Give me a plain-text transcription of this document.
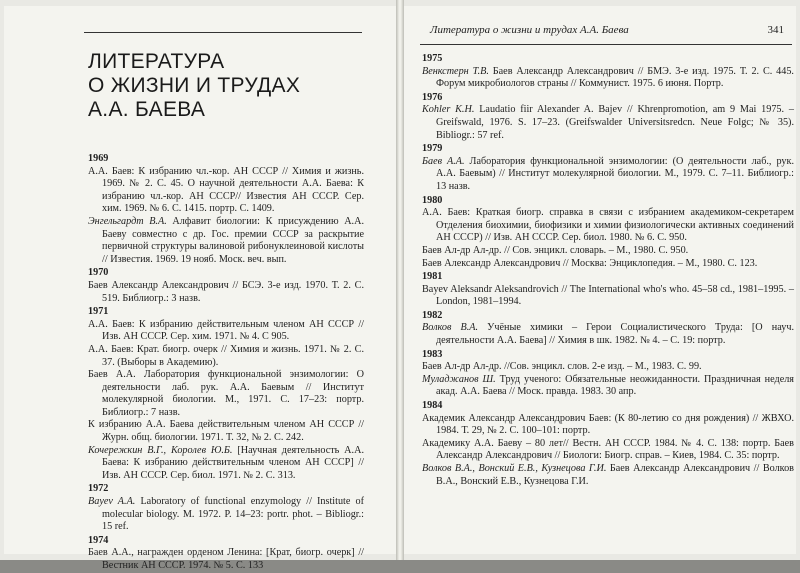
ЛИТЕРАТУРА
О ЖИЗНИ И ТРУДАХ
А.А. БАЕВА
1969
А.А. Баев: К избранию чл.-кор. АН СССР // Химия и жизнь. 1969. № 2. С. 45. О научной деятельности А.А. Баева: К избранию чл.-кор. АН СССР// Известия АН СССР. Сер. хим. 1969. № 6. С. 1415. портр. С. 1409.
Энгельгардт В.А. Алфавит биологии: К присуждению А.А. Баеву совместно с др. Гос. премии СССР за раскрытие первичной структуры валиновой рибонуклеиновой кислоты // Известия. 1969. 19 нояб. Моск. веч. вып.
1970
Баев Александр Александрович // БСЭ. 3-е изд. 1970. Т. 2. С. 519. Библиогр.: 3 назв.
1971
А.А. Баев: К избранию действительным членом АН СССР // Изв. АН СССР. Сер. хим. 1971. № 4. С 905.
А.А. Баев: Крат. биогр. очерк // Химия и жизнь. 1971. № 2. С. 37. (Выборы в Академию).
Баев А.А. Лаборатория функциональной энзимологии: О деятельности лаб. рук. А.А. Баевым // Институт молекулярной биологии. М., 1971. С. 17–23: портр. Библиогр.: 7 назв.
К избранию А.А. Баева действительным членом АН СССР // Журн. общ. биологии. 1971. Т. 32, № 2. С. 242.
Кочережкин В.Г., Королев Ю.Б. [Научная деятельность А.А. Баева: К избранию действительным членом АН СССР] // Изв. АН СССР. Сер. биол. 1971. № 2. С. 313.
1972
Bayev A.A. Laboratory of functional enzymology // Institute of molecular biology. M. 1972. P. 14–23: portr. phot. – Bibliogr.: 15 ref.
1974
Баев А.А., награжден орденом Ленина: [Крат, биогр. очерк] // Вестник АН СССР. 1974. № 5. С. 133
Литература о жизни и трудах А.А. Баева	341
1975
Венкстерн Т.В. Баев Александр Александрович // БМЭ. 3-е изд. 1975. Т. 2. С. 445. Форум микробиологов страны // Коммунист. 1975. 6 июня. Портр.
1976
Kohler K.H. Laudatio fiir Alexander A. Bajev // Khrenpromotion, am 9 Mai 1975. – Greifswald, 1976. S. 17–23. (Greifswalder Universitsredcn. Neue Folgc; № 35). Bibliogr.: 57 ref.
1979
Баев А.А. Лаборатория функциональной энзимологии: (О деятельности лаб., рук. А.А. Баевым) // Институт молекулярной биологии. М., 1979. С. 7–11. Библиогр.: 13 назв.
1980
А.А. Баев: Краткая биогр. справка в связи с избранием академиком-секретарем Отделения биохимии, биофизики и химии физиологически активных соединений АН СССР) // Изв. АН СССР. Сер. биол. 1980. № 6. С. 950.
Баев Ал-др Ал-др. // Сов. энцикл. словарь. – М., 1980. С. 950.
Баев Александр Александрович // Москва: Энциклопедия. – М., 1980. С. 123.
1981
Bayev Aleksandr Aleksandrovich // The International who's who. 45–58 cd., 1981–1995. – London, 1981–1994.
1982
Волков В.А. Учёные химики – Герои Социалистического Труда: [О науч. деятельности А.А. Баева] // Химия в шк. 1982. № 4. – С. 19: портр.
1983
Баев Ал-др Ал-др. //Сов. энцикл. слов. 2-е изд. – М., 1983. С. 99.
Муладжанов Ш. Труд ученого: Обязательные неожиданности. Праздничная неделя акад. А.А. Баева // Моск. правда. 1983. 30 апр.
1984
Академик Александр Александрович Баев: (К 80-летию со дня рождения) // ЖВХО. 1984. Т. 29, № 2. С. 100–101: портр.
Академику А.А. Баеву – 80 лет// Вестн. АН СССР. 1984. № 4. С. 138: портр. Баев Александр Александрович // Биологи: Биогр. справ. – Киев, 1984. С. 35: портр.
Волков В.А., Вонский Е.В., Кузнецова Г.И. Баев Александр Александрович // Волков В.А., Вонский Е.В., Кузнецова Г.И.
